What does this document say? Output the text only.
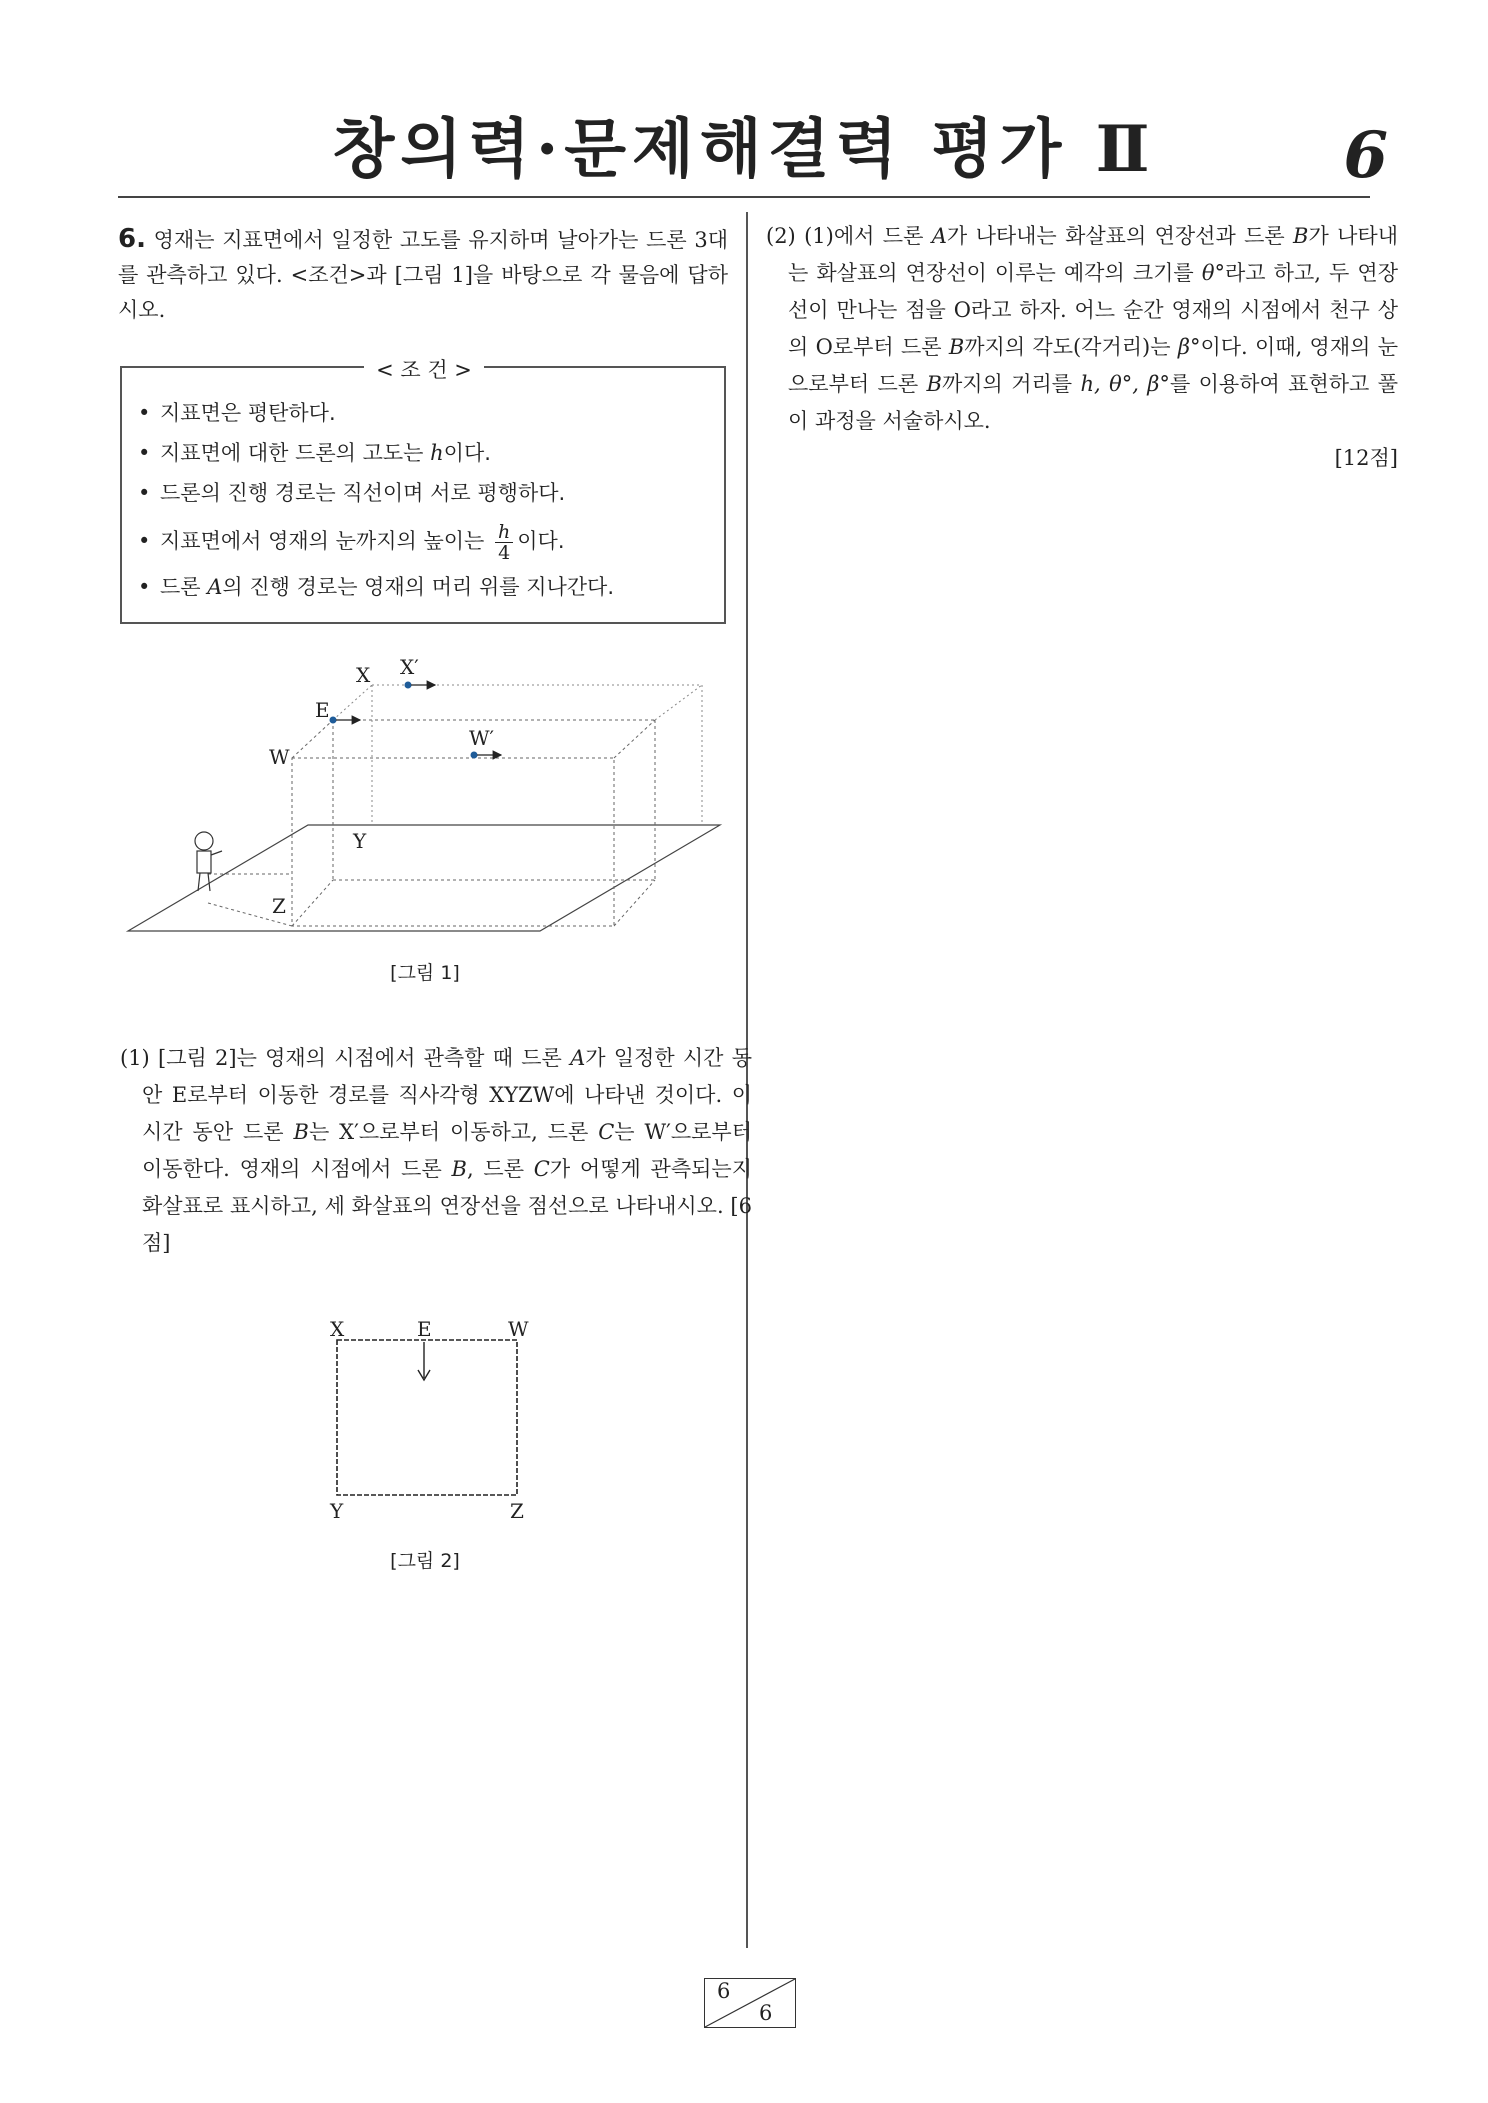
창의력·문제해결력 평가 Ⅱ	6
6. 영재는 지표면에서 일정한 고도를 유지하며 날아가는 드론 3대를 관측하고 있다. <조건>과 [그림 1]을 바탕으로 각 물음에 답하시오.
• 지표면은 평탄하다.
• 지표면에 대한 드론의 고도는 h이다.
• 드론의 진행 경로는 직선이며 서로 평행하다.
• 지표면에서 영재의 눈까지의 높이는 $\frac{h}{4}$ 이다.
• 드론 A의 진행 경로는 영재의 머리 위를 지나간다.
< 조 건 >
X X′
E
W
W′
Y
Z
[그림 1]
(1) [그림 2]는 영재의 시점에서 관측할 때 드론 A가 일정한 시간 동안 E로부터 이동한 경로를 직사각형 XYZW에 나타낸 것이다. 이 시간 동안 드론 B는 X′으로부터 이동하고, 드론 C는 W′으로부터 이동한다. 영재의 시점에서 드론 B, 드론 C가 어떻게 관측되는지 화살표로 표시하고, 세 화살표의 연장선을 점선으로 나타내시오. [6점]
X	E	W
Y	Z
[그림 2]
(2) (1)에서 드론 A가 나타내는 화살표의 연장선과 드론 B가 나타내는 화살표의 연장선이 이루는 예각의 크기를 θ°라고 하고, 두 연장선이 만나는 점을 O라고 하자. 어느 순간 영재의 시점에서 천구 상의 O로부터 드론 B까지의 각도(각거리)는 β°이다. 이때, 영재의 눈으로부터 드론 B까지의 거리를 h, θ°, β°를 이용하여 표현하고 풀이 과정을 서술하시오.
[12점]
6
6
